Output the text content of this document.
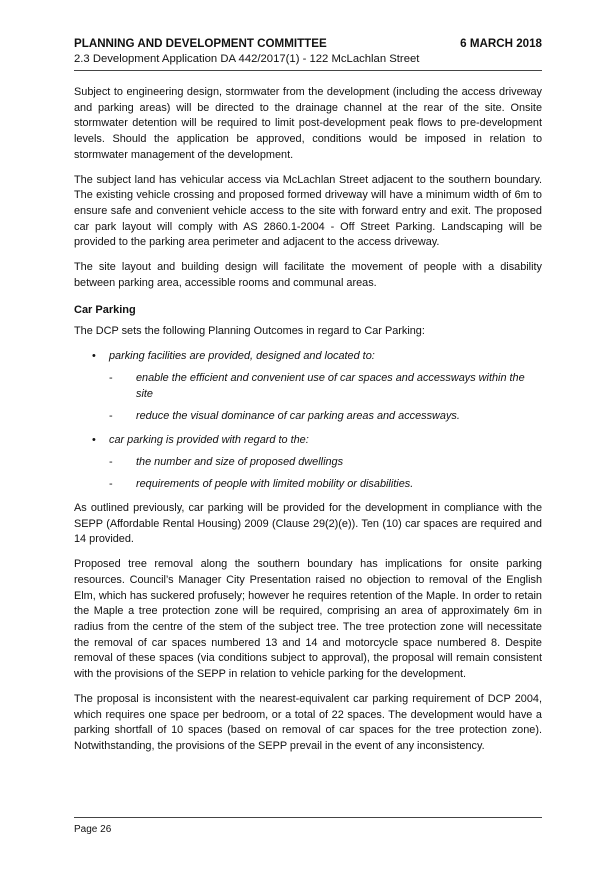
PLANNING AND DEVELOPMENT COMMITTEE	6 MARCH 2018
2.3 Development Application DA 442/2017(1) - 122 McLachlan Street

Subject to engineering design, stormwater from the development (including the access driveway and parking areas) will be directed to the drainage channel at the rear of the site. Onsite stormwater detention will be required to limit post-development peak flows to pre-development levels. Should the application be approved, conditions would be imposed in relation to stormwater management of the development.

The subject land has vehicular access via McLachlan Street adjacent to the southern boundary. The existing vehicle crossing and proposed formed driveway will have a minimum width of 6m to ensure safe and convenient vehicle access to the site with forward entry and exit. The proposed car park layout will comply with AS 2860.1-2004 - Off Street Parking. Landscaping will be provided to the parking area perimeter and adjacent to the access driveway.

The site layout and building design will facilitate the movement of people with a disability between parking area, accessible rooms and communal areas.

Car Parking

The DCP sets the following Planning Outcomes in regard to Car Parking:

• parking facilities are provided, designed and located to:
- enable the efficient and convenient use of car spaces and accessways within the site
- reduce the visual dominance of car parking areas and accessways.
• car parking is provided with regard to the:
- the number and size of proposed dwellings
- requirements of people with limited mobility or disabilities.

As outlined previously, car parking will be provided for the development in compliance with the SEPP (Affordable Rental Housing) 2009 (Clause 29(2)(e)). Ten (10) car spaces are required and 14 provided.

Proposed tree removal along the southern boundary has implications for onsite parking resources. Council’s Manager City Presentation raised no objection to removal of the English Elm, which has suckered profusely; however he requires retention of the Maple. In order to retain the Maple a tree protection zone will be required, comprising an area of approximately 6m in radius from the centre of the stem of the subject tree. The tree protection zone will necessitate the removal of car spaces numbered 13 and 14 and motorcycle space numbered 8. Despite removal of these spaces (via conditions subject to approval), the proposal will remain consistent with the provisions of the SEPP in relation to vehicle parking for the development.

The proposal is inconsistent with the nearest-equivalent car parking requirement of DCP 2004, which requires one space per bedroom, or a total of 22 spaces. The development would have a parking shortfall of 10 spaces (based on removal of car spaces for the tree protection zone). Notwithstanding, the provisions of the SEPP prevail in the event of any inconsistency.

Page 26
